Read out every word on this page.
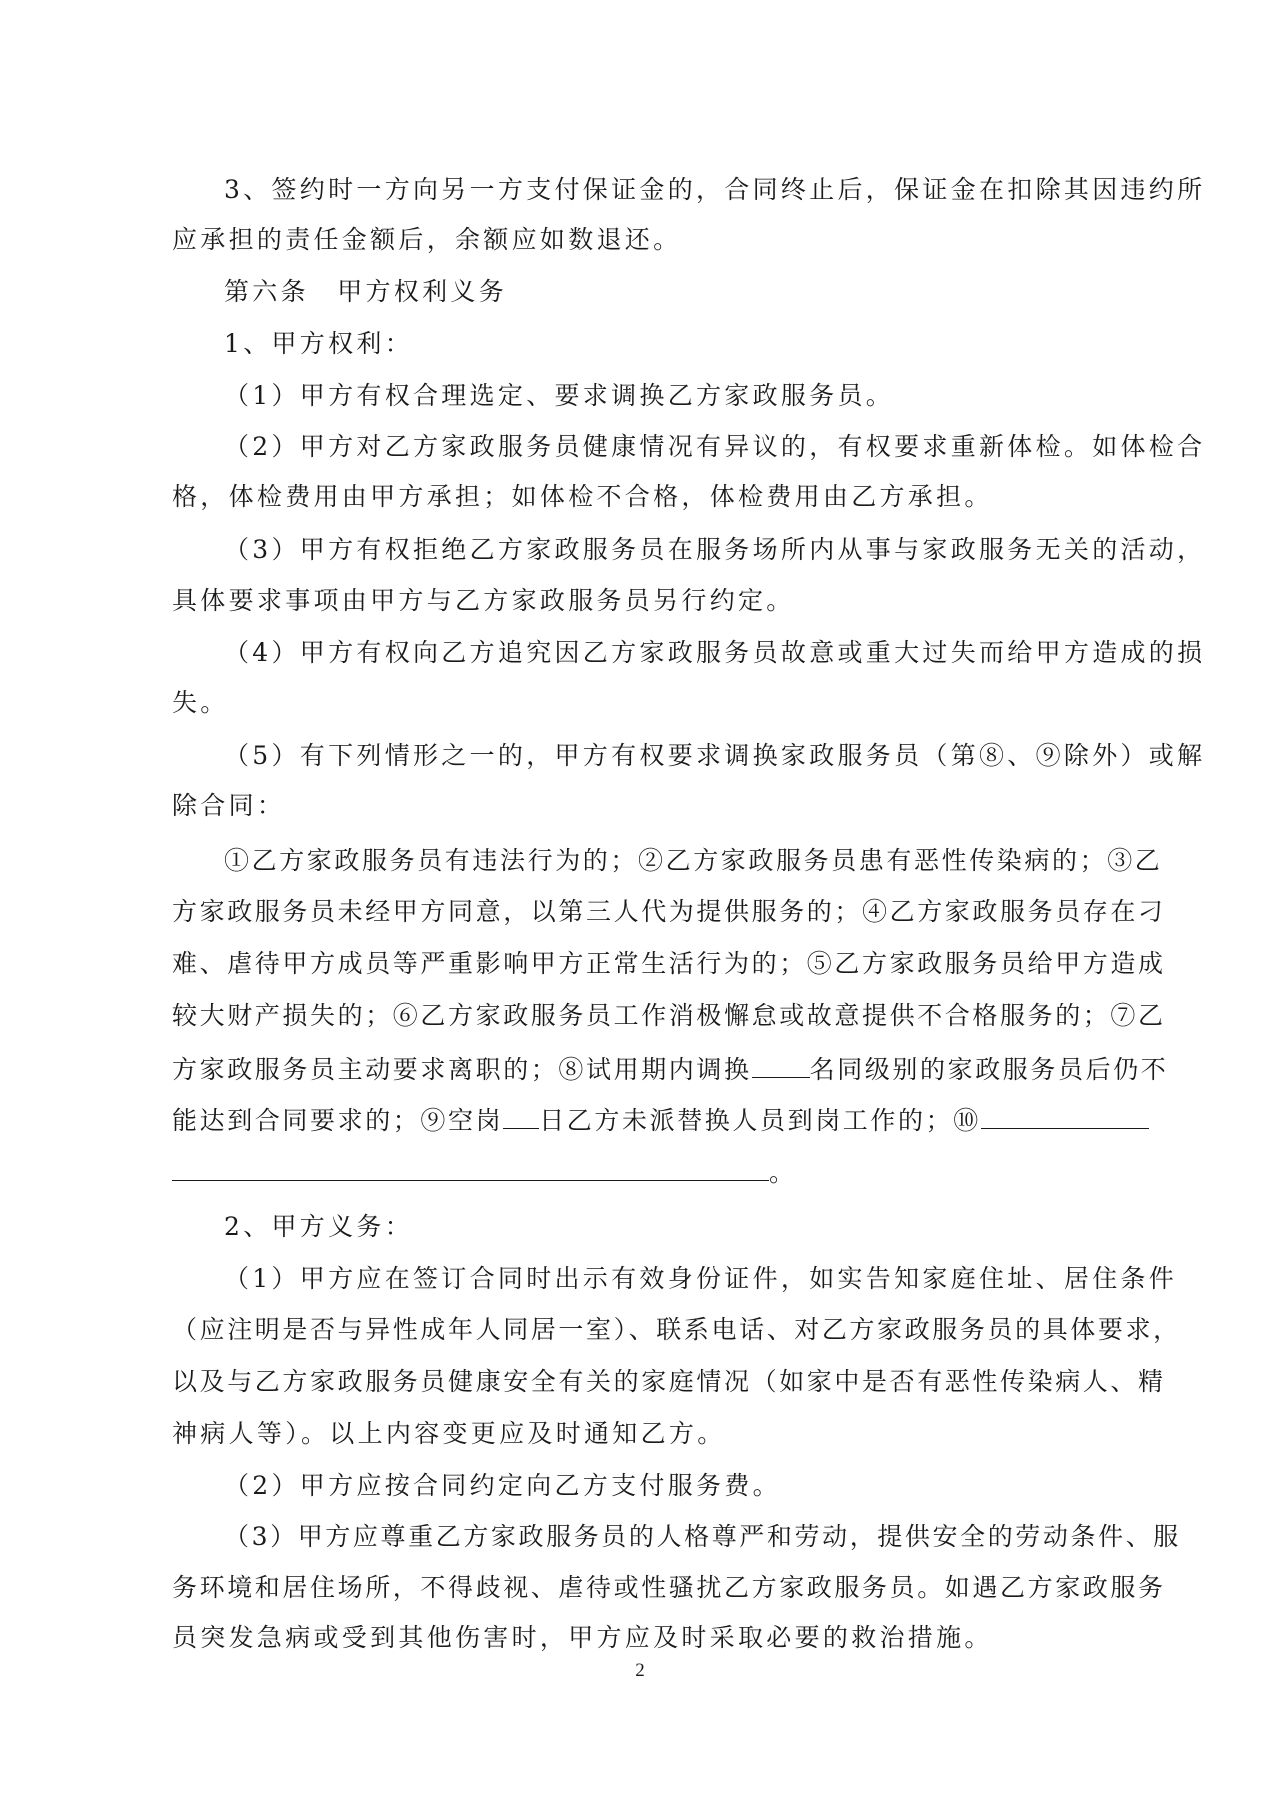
3、签约时一方向另一方支付保证金的，合同终止后，保证金在扣除其因违约所
应承担的责任金额后，余额应如数退还。
第六条　甲方权利义务
1、甲方权利：
（1）甲方有权合理选定、要求调换乙方家政服务员。
（2）甲方对乙方家政服务员健康情况有异议的，有权要求重新体检。如体检合
格，体检费用由甲方承担；如体检不合格，体检费用由乙方承担。
（3）甲方有权拒绝乙方家政服务员在服务场所内从事与家政服务无关的活动，
具体要求事项由甲方与乙方家政服务员另行约定。
（4）甲方有权向乙方追究因乙方家政服务员故意或重大过失而给甲方造成的损
失。
（5）有下列情形之一的，甲方有权要求调换家政服务员（第⑧、⑨除外）或解
除合同：
①乙方家政服务员有违法行为的；②乙方家政服务员患有恶性传染病的；③乙
方家政服务员未经甲方同意，以第三人代为提供服务的；④乙方家政服务员存在刁
难、虐待甲方成员等严重影响甲方正常生活行为的；⑤乙方家政服务员给甲方造成
较大财产损失的；⑥乙方家政服务员工作消极懈怠或故意提供不合格服务的；⑦乙
方家政服务员主动要求离职的；⑧试用期内调换 名同级别的家政服务员后仍不
能达到合同要求的；⑨空岗 日乙方未派替换人员到岗工作的；⑩
。
2、甲方义务：
（1）甲方应在签订合同时出示有效身份证件，如实告知家庭住址、居住条件
（应注明是否与异性成年人同居一室）、联系电话、对乙方家政服务员的具体要求，
以及与乙方家政服务员健康安全有关的家庭情况（如家中是否有恶性传染病人、精
神病人等）。以上内容变更应及时通知乙方。
（2）甲方应按合同约定向乙方支付服务费。
（3）甲方应尊重乙方家政服务员的人格尊严和劳动，提供安全的劳动条件、服
务环境和居住场所，不得歧视、虐待或性骚扰乙方家政服务员。如遇乙方家政服务
员突发急病或受到其他伤害时，甲方应及时采取必要的救治措施。
2
